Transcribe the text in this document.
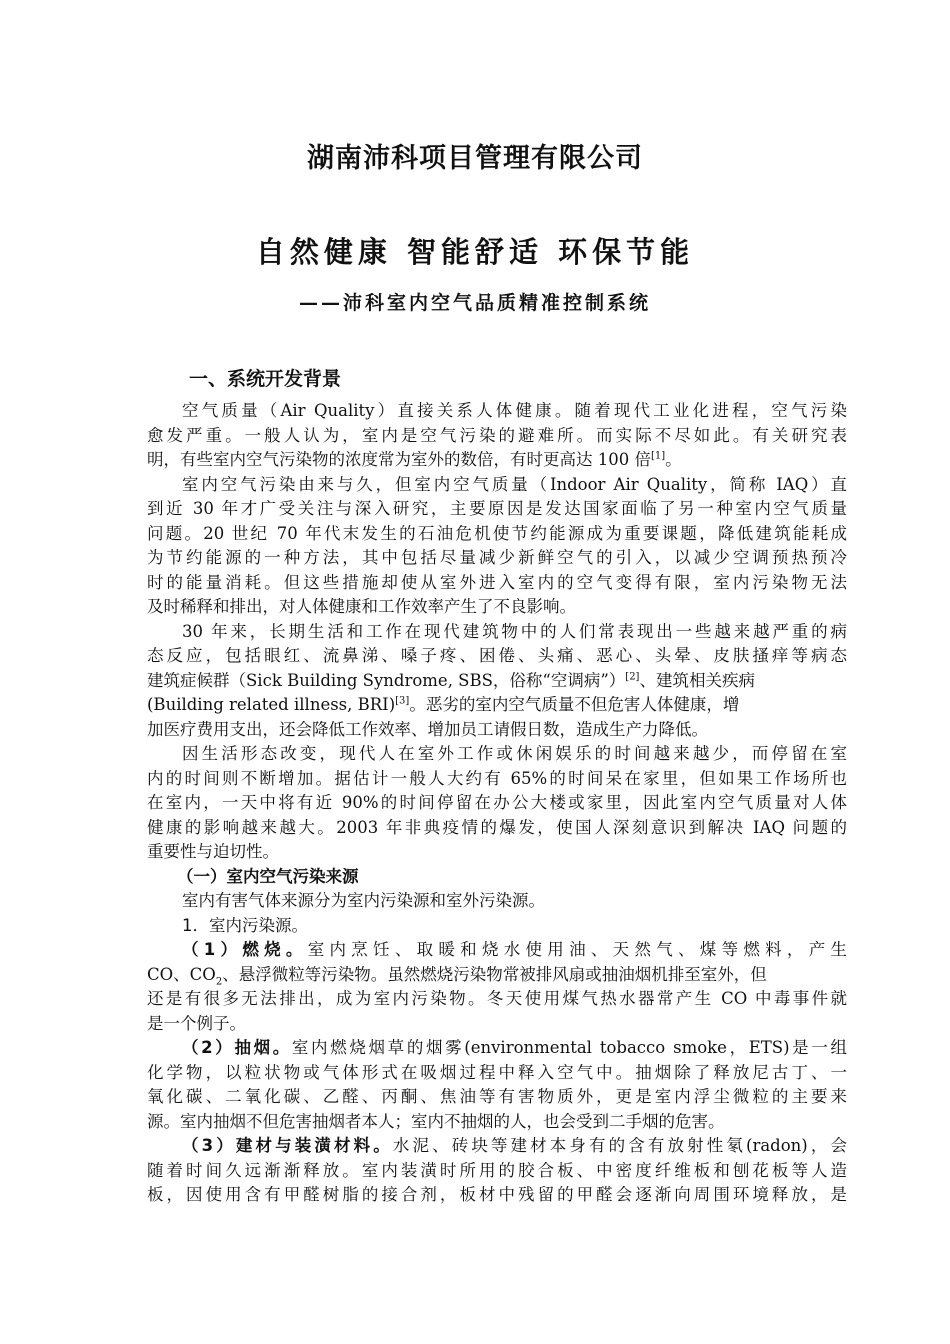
湖南沛科项目管理有限公司
自然健康 智能舒适 环保节能
——沛科室内空气品质精准控制系统
一、系统开发背景
空气质量（Air Quality）直接关系人体健康。随着现代工业化进程，空气污染
愈发严重。一般人认为，室内是空气污染的避难所。而实际不尽如此。有关研究表
明，有些室内空气污染物的浓度常为室外的数倍，有时更高达 100 倍[1]。
室内空气污染由来与久，但室内空气质量（Indoor Air Quality，简称 IAQ）直
到近 30 年才广受关注与深入研究，主要原因是发达国家面临了另一种室内空气质量
问题。20 世纪 70 年代末发生的石油危机使节约能源成为重要课题，降低建筑能耗成
为节约能源的一种方法，其中包括尽量减少新鲜空气的引入，以减少空调预热预冷
时的能量消耗。但这些措施却使从室外进入室内的空气变得有限，室内污染物无法
及时稀释和排出，对人体健康和工作效率产生了不良影响。
30 年来，长期生活和工作在现代建筑物中的人们常表现出一些越来越严重的病
态反应，包括眼红、流鼻涕、嗓子疼、困倦、头痛、恶心、头晕、皮肤搔痒等病态
建筑症候群（Sick Building Syndrome, SBS，俗称“空调病”）[2]、建筑相关疾病
(Building related illness, BRI)[3]。恶劣的室内空气质量不但危害人体健康，增
加医疗费用支出，还会降低工作效率、增加员工请假日数，造成生产力降低。
因生活形态改变，现代人在室外工作或休闲娱乐的时间越来越少，而停留在室
内的时间则不断增加。据估计一般人大约有 65%的时间呆在家里，但如果工作场所也
在室内，一天中将有近 90%的时间停留在办公大楼或家里，因此室内空气质量对人体
健康的影响越来越大。2003 年非典疫情的爆发，使国人深刻意识到解决 IAQ 问题的
重要性与迫切性。
（一）室内空气污染来源
室内有害气体来源分为室内污染源和室外污染源。
1．室内污染源。
（1）燃烧。室内烹饪、取暖和烧水使用油、天然气、煤等燃料，产生
CO、$CO_2$、悬浮微粒等污染物。虽然燃烧污染物常被排风扇或抽油烟机排至室外，但
还是有很多无法排出，成为室内污染物。冬天使用煤气热水器常产生 CO 中毒事件就
是一个例子。
（2）抽烟。室内燃烧烟草的烟雾(environmental tobacco smoke，ETS)是一组
化学物，以粒状物或气体形式在吸烟过程中释入空气中。抽烟除了释放尼古丁、一
氧化碳、二氧化碳、乙醛、丙酮、焦油等有害物质外，更是室内浮尘微粒的主要来
源。室内抽烟不但危害抽烟者本人；室内不抽烟的人，也会受到二手烟的危害。
（3）建材与装潢材料。水泥、砖块等建材本身有的含有放射性氡(radon)，会
随着时间久远渐渐释放。室内装潢时所用的胶合板、中密度纤维板和刨花板等人造
板，因使用含有甲醛树脂的接合剂，板材中残留的甲醛会逐渐向周围环境释放，是
